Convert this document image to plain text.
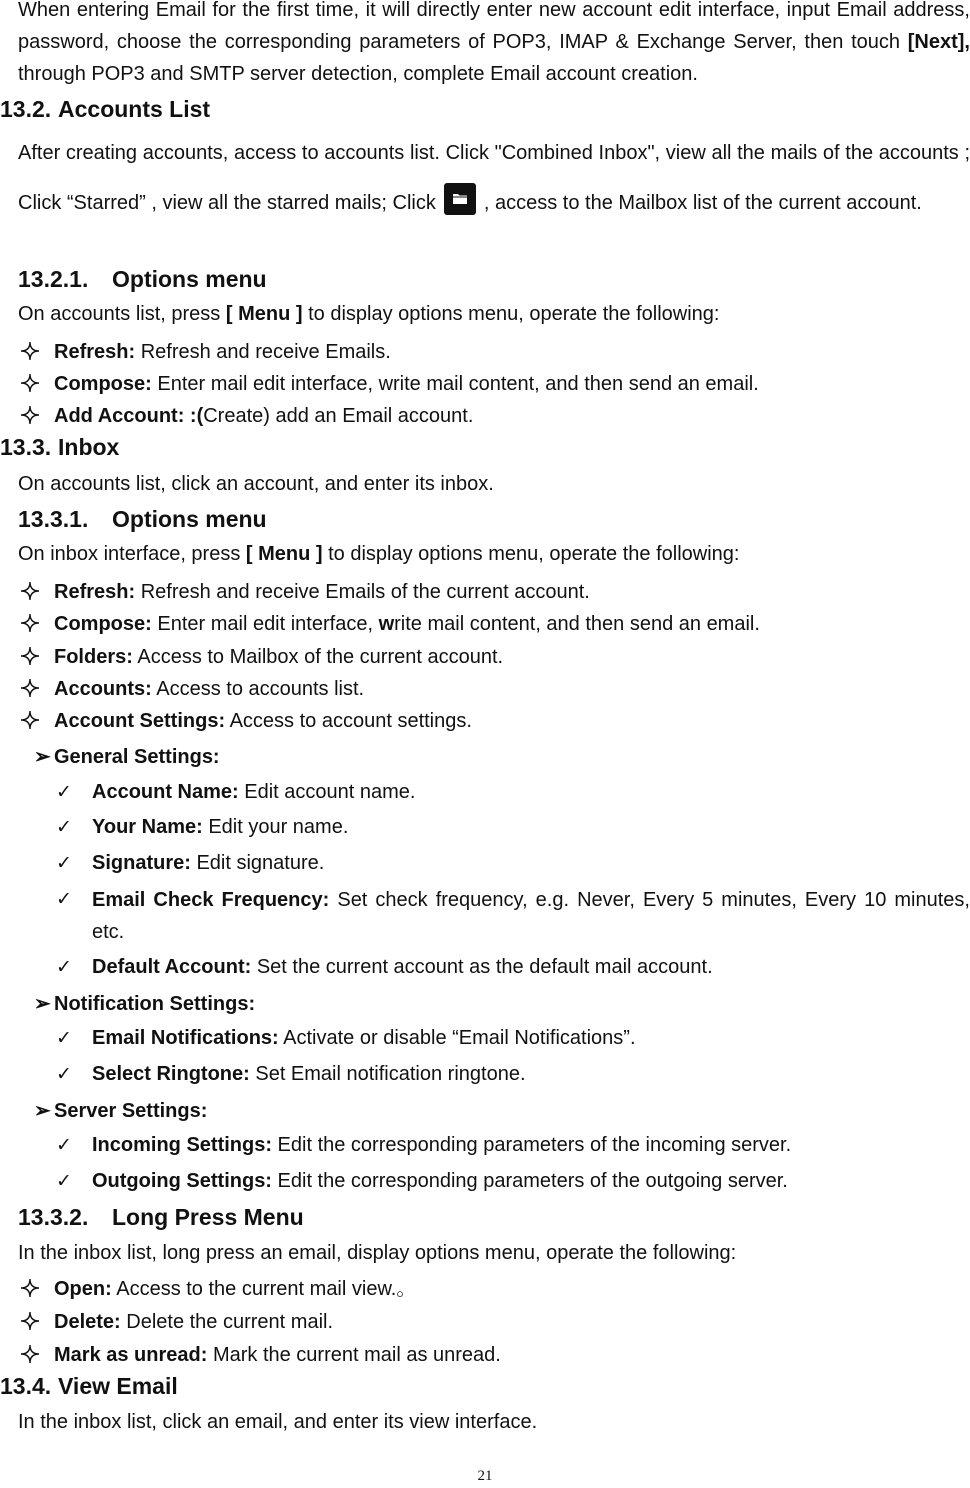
When entering Email for the first time, it will directly enter new account edit interface, input Email address, password, choose the corresponding parameters of POP3, IMAP & Exchange Server, then touch [Next], through POP3 and SMTP server detection, complete Email account creation.
13.2. Accounts List
After creating accounts, access to accounts list. Click "Combined Inbox", view all the mails of the accounts ; Click “Starred” , view all the starred mails; Click , access to the Mailbox list of the current account.
13.2.1. Options menu
On accounts list, press [ Menu ] to display options menu, operate the following:
Refresh: Refresh and receive Emails.
Compose: Enter mail edit interface, write mail content, and then send an email.
Add Account: :(Create) add an Email account.
13.3. Inbox
On accounts list, click an account, and enter its inbox.
13.3.1. Options menu
On inbox interface, press [ Menu ] to display options menu, operate the following:
Refresh: Refresh and receive Emails of the current account.
Compose: Enter mail edit interface, write mail content, and then send an email.
Folders: Access to Mailbox of the current account.
Accounts: Access to accounts list.
Account Settings: Access to account settings.
➢ General Settings:
✓ Account Name: Edit account name.
✓ Your Name: Edit your name.
✓ Signature: Edit signature.
✓ Email Check Frequency: Set check frequency, e.g. Never, Every 5 minutes, Every 10 minutes, etc.
✓ Default Account: Set the current account as the default mail account.
➢ Notification Settings:
✓ Email Notifications: Activate or disable “Email Notifications”.
✓ Select Ringtone: Set Email notification ringtone.
➢ Server Settings:
✓ Incoming Settings: Edit the corresponding parameters of the incoming server.
✓ Outgoing Settings: Edit the corresponding parameters of the outgoing server.
13.3.2. Long Press Menu
In the inbox list, long press an email, display options menu, operate the following:
Open: Access to the current mail view.。
Delete: Delete the current mail.
Mark as unread: Mark the current mail as unread.
13.4. View Email
In the inbox list, click an email, and enter its view interface.
21
